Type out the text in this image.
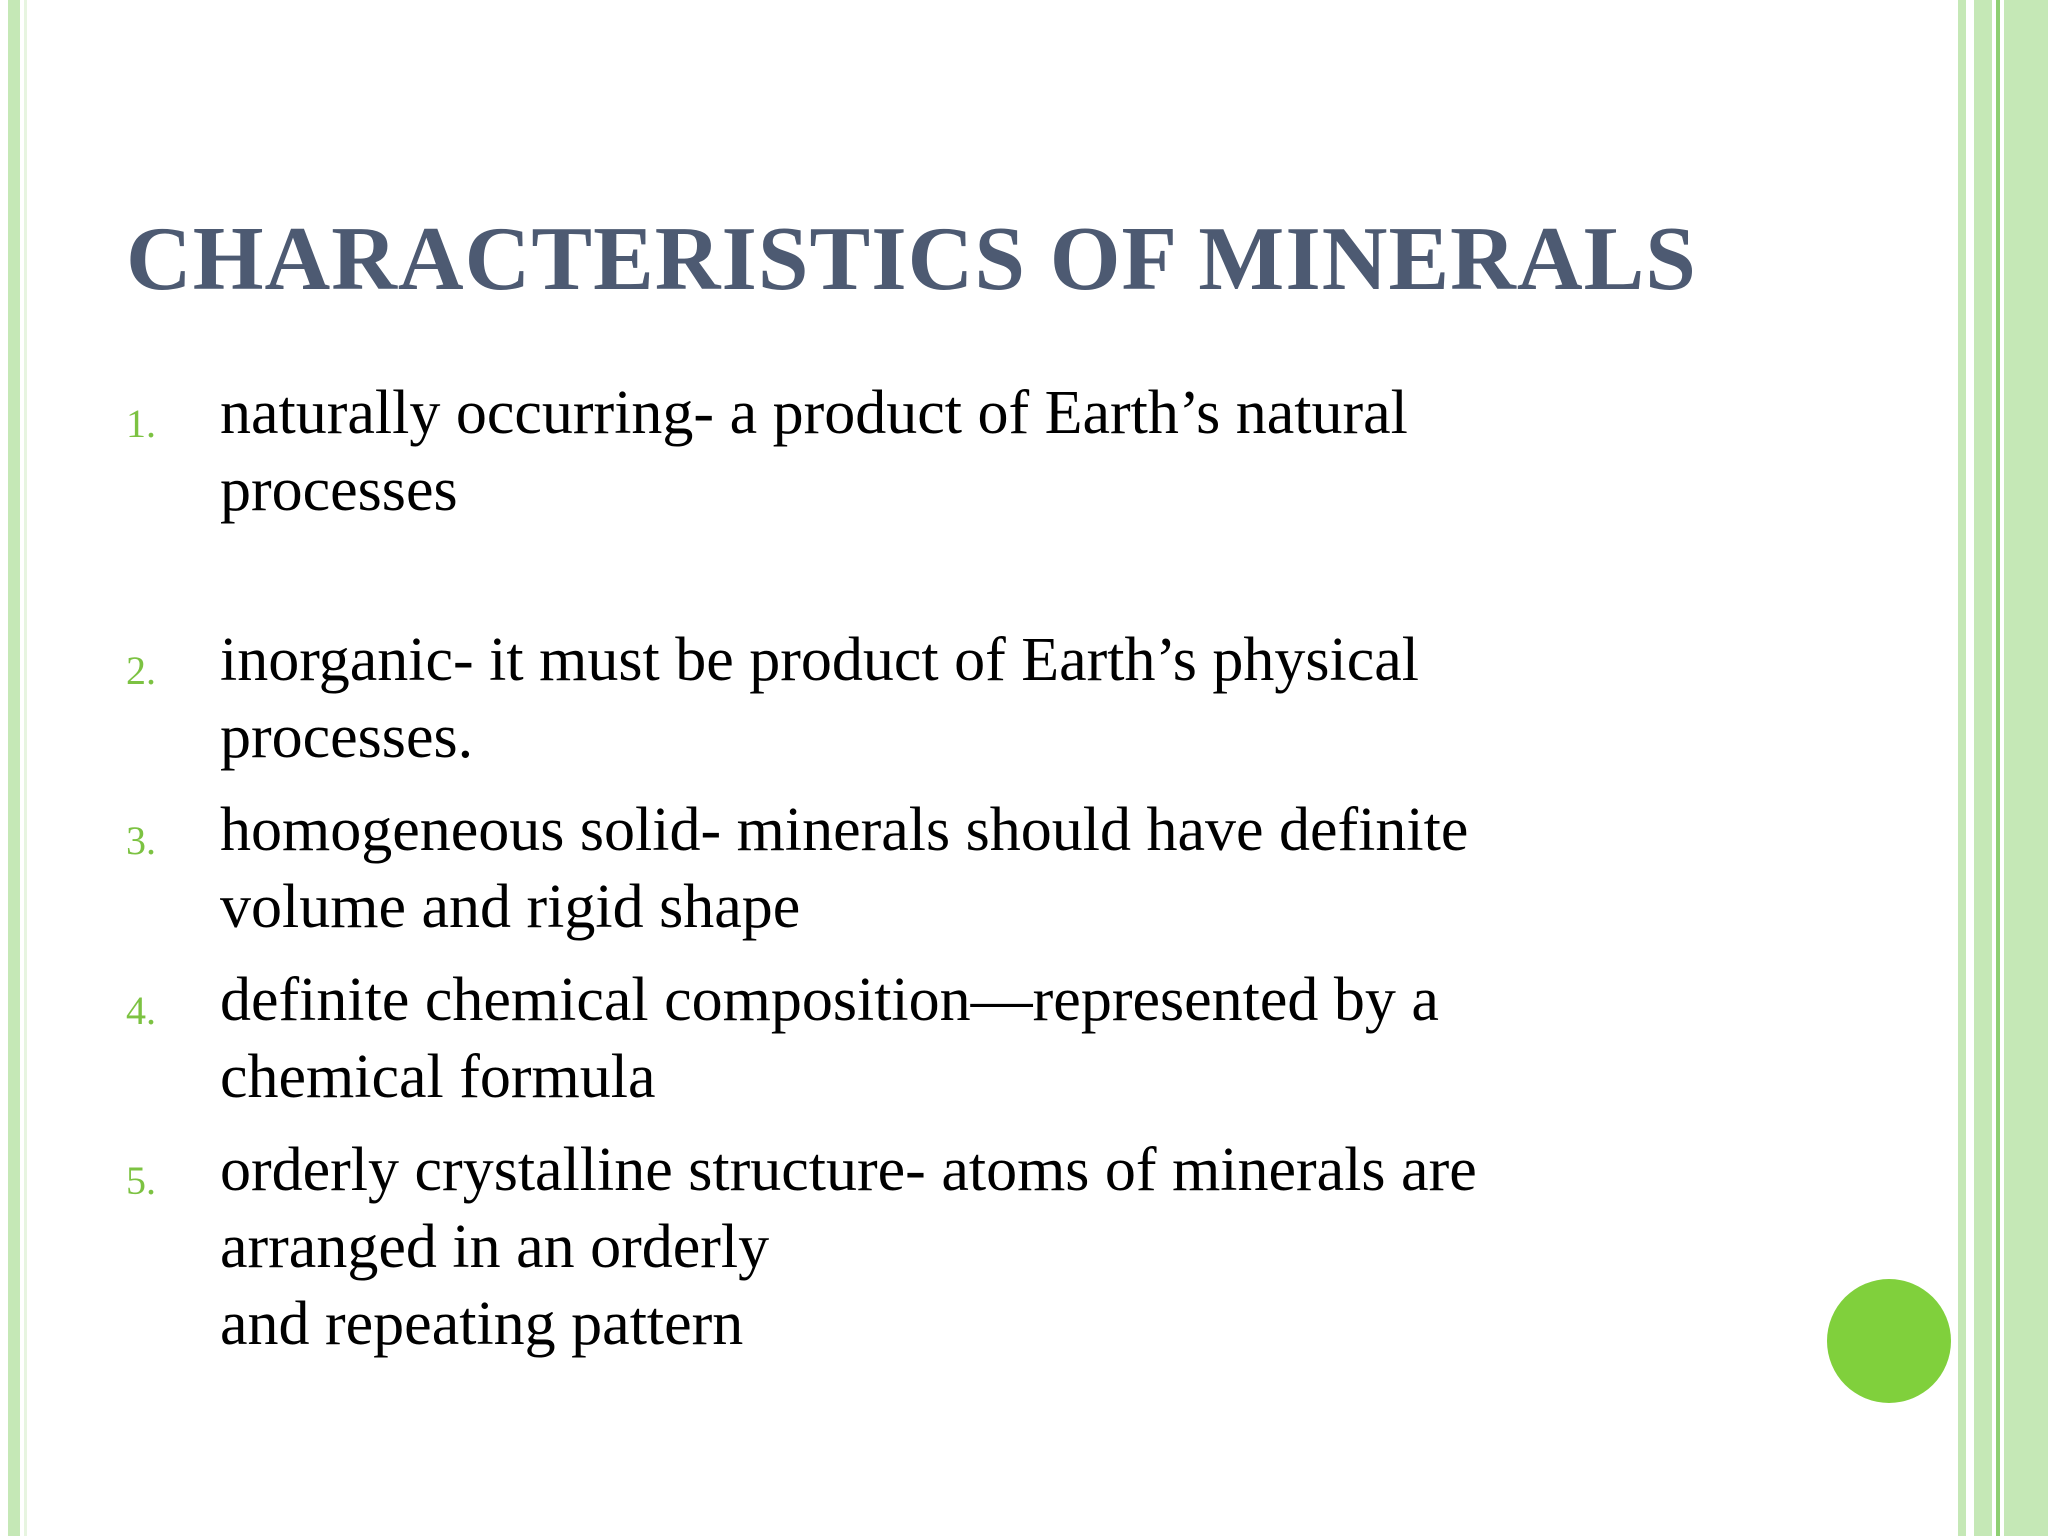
CHARACTERISTICS OF MINERALS
1. naturally occurring- a product of Earth’s natural
processes
2. inorganic- it must be product of Earth’s physical
processes.
3. homogeneous solid- minerals should have definite
volume and rigid shape
4. definite chemical composition—represented by a
chemical formula
5. orderly crystalline structure- atoms of minerals are
arranged in an orderly
and repeating pattern
